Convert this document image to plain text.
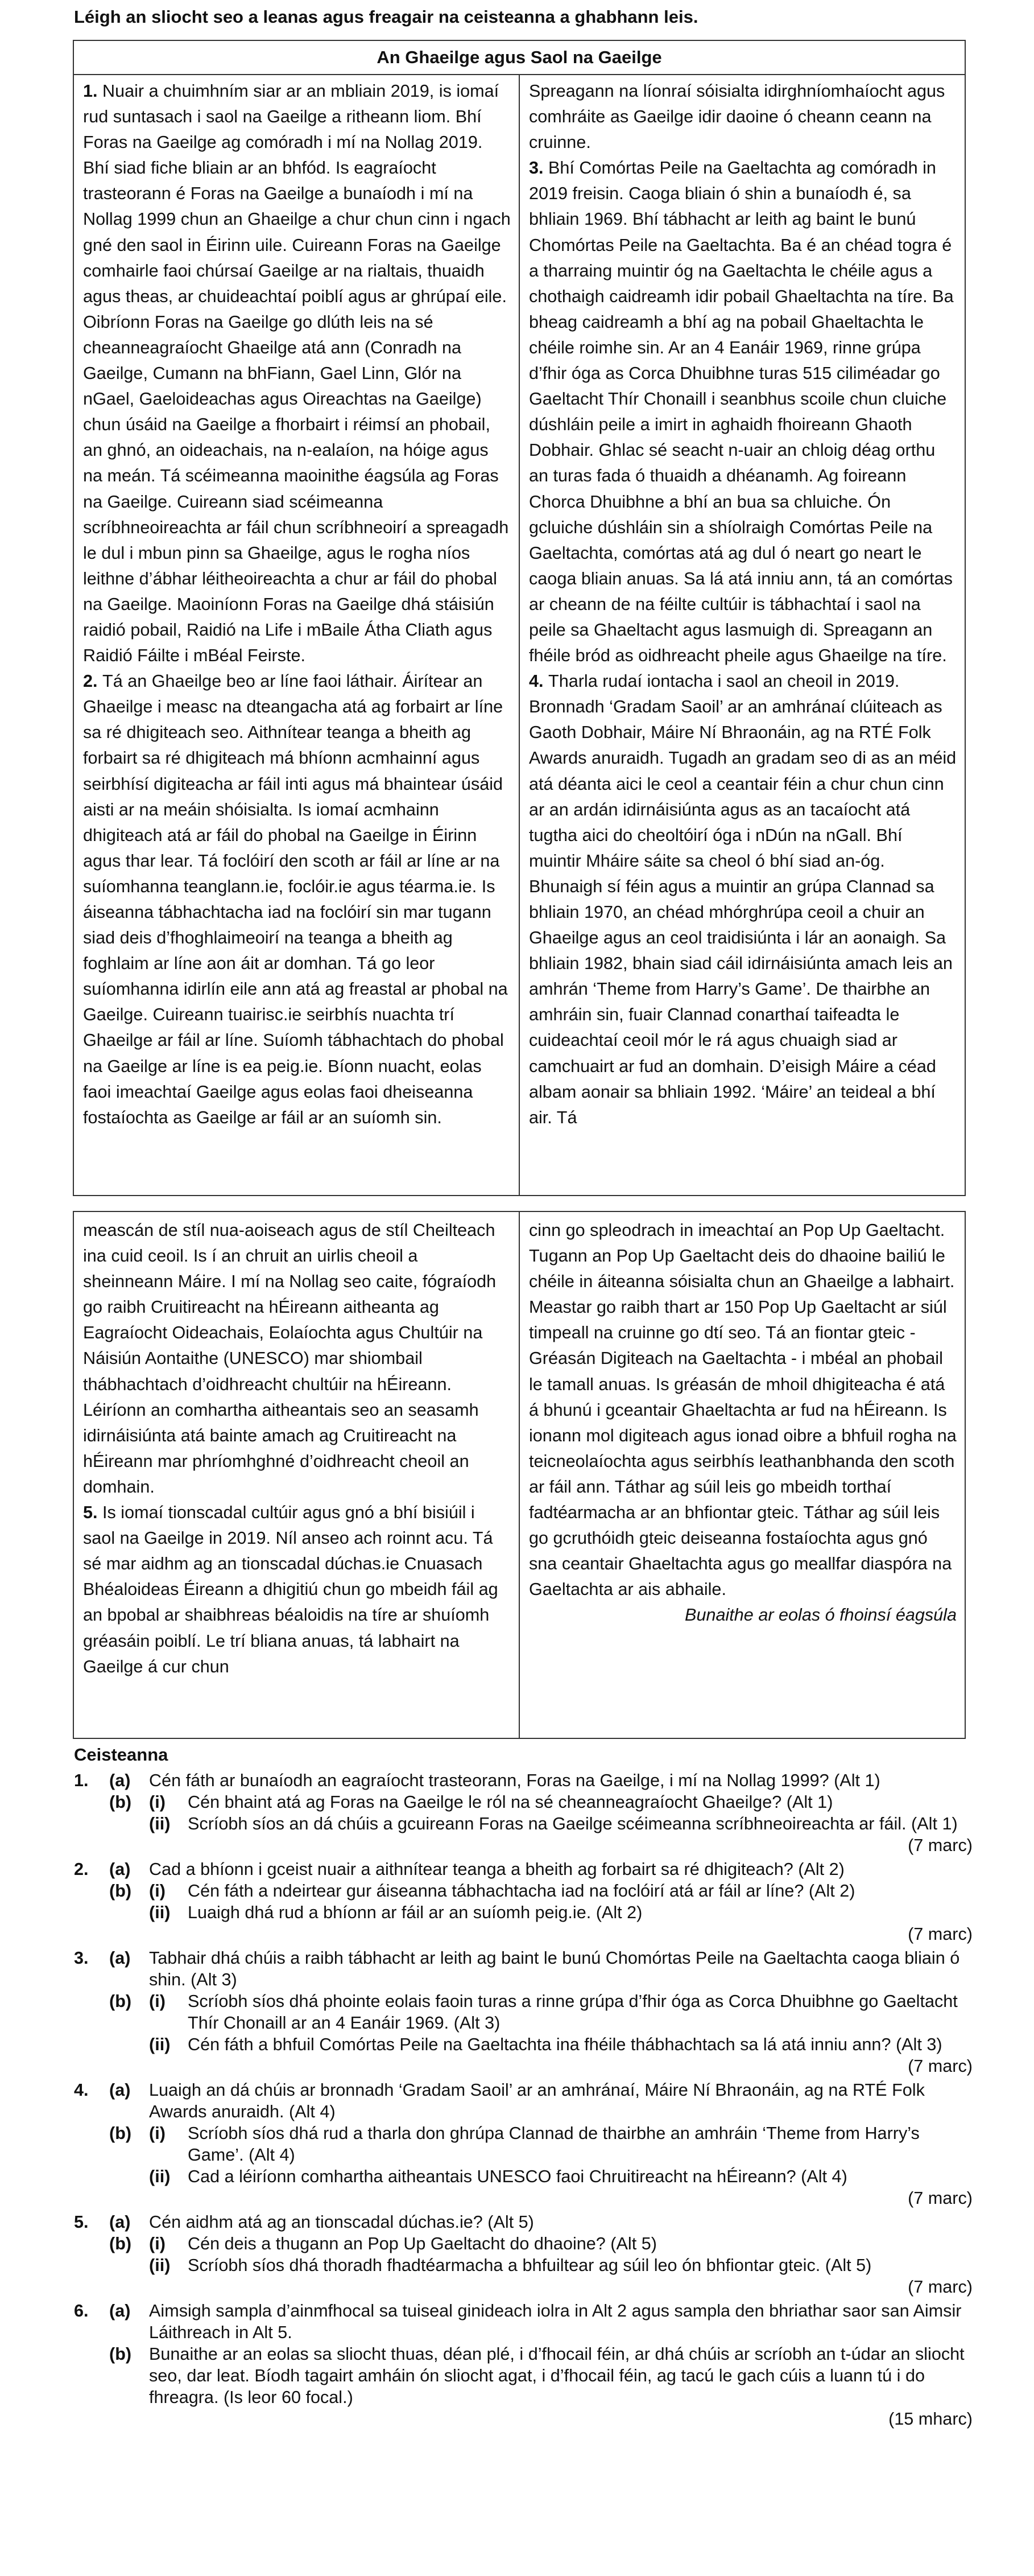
Léigh an sliocht seo a leanas agus freagair na ceisteanna a ghabhann leis.
An Ghaeilge agus Saol na Gaeilge
1. Nuair a chuimhním siar ar an mbliain 2019, is iomaí rud suntasach i saol na Gaeilge a ritheann liom. Bhí Foras na Gaeilge ag comóradh i mí na Nollag 2019. Bhí siad fiche bliain ar an bhfód. Is eagraíocht trasteorann é Foras na Gaeilge a bunaíodh i mí na Nollag 1999 chun an Ghaeilge a chur chun cinn i ngach gné den saol in Éirinn uile. Cuireann Foras na Gaeilge comhairle faoi chúrsaí Gaeilge ar na rialtais, thuaidh agus theas, ar chuideachtaí poiblí agus ar ghrúpaí eile. Oibríonn Foras na Gaeilge go dlúth leis na sé cheanneagraíocht Ghaeilge atá ann (Conradh na Gaeilge, Cumann na bhFiann, Gael Linn, Glór na nGael, Gaeloideachas agus Oireachtas na Gaeilge) chun úsáid na Gaeilge a fhorbairt i réimsí an phobail, an ghnó, an oideachais, na n-ealaíon, na hóige agus na meán. Tá scéimeanna maoinithe éagsúla ag Foras na Gaeilge. Cuireann siad scéimeanna scríbhneoireachta ar fáil chun scríbhneoirí a spreagadh le dul i mbun pinn sa Ghaeilge, agus le rogha níos leithne d’ábhar léitheoireachta a chur ar fáil do phobal na Gaeilge. Maoiníonn Foras na Gaeilge dhá stáisiún raidió pobail, Raidió na Life i mBaile Átha Cliath agus Raidió Fáilte i mBéal Feirste.
2. Tá an Ghaeilge beo ar líne faoi láthair. Áirítear an Ghaeilge i measc na dteangacha atá ag forbairt ar líne sa ré dhigiteach seo. Aithnítear teanga a bheith ag forbairt sa ré dhigiteach má bhíonn acmhainní agus seirbhísí digiteacha ar fáil inti agus má bhaintear úsáid aisti ar na meáin shóisialta. Is iomaí acmhainn dhigiteach atá ar fáil do phobal na Gaeilge in Éirinn agus thar lear. Tá foclóirí den scoth ar fáil ar líne ar na suíomhanna teanglann.ie, foclóir.ie agus téarma.ie. Is áiseanna tábhachtacha iad na foclóirí sin mar tugann siad deis d’fhoghlaimeoirí na teanga a bheith ag foghlaim ar líne aon áit ar domhan. Tá go leor suíomhanna idirlín eile ann atá ag freastal ar phobal na Gaeilge. Cuireann tuairisc.ie seirbhís nuachta trí Ghaeilge ar fáil ar líne. Suíomh tábhachtach do phobal na Gaeilge ar líne is ea peig.ie. Bíonn nuacht, eolas faoi imeachtaí Gaeilge agus eolas faoi dheiseanna fostaíochta as Gaeilge ar fáil ar an suíomh sin.
Spreagann na líonraí sóisialta idirghníomhaíocht agus comhráite as Gaeilge idir daoine ó cheann ceann na cruinne.
3. Bhí Comórtas Peile na Gaeltachta ag comóradh in 2019 freisin. Caoga bliain ó shin a bunaíodh é, sa bhliain 1969. Bhí tábhacht ar leith ag baint le bunú Chomórtas Peile na Gaeltachta. Ba é an chéad togra é a tharraing muintir óg na Gaeltachta le chéile agus a chothaigh caidreamh idir pobail Ghaeltachta na tíre. Ba bheag caidreamh a bhí ag na pobail Ghaeltachta le chéile roimhe sin. Ar an 4 Eanáir 1969, rinne grúpa d’fhir óga as Corca Dhuibhne turas 515 ciliméadar go Gaeltacht Thír Chonaill i seanbhus scoile chun cluiche dúshláin peile a imirt in aghaidh fhoireann Ghaoth Dobhair. Ghlac sé seacht n-uair an chloig déag orthu an turas fada ó thuaidh a dhéanamh. Ag foireann Chorca Dhuibhne a bhí an bua sa chluiche. Ón gcluiche dúshláin sin a shíolraigh Comórtas Peile na Gaeltachta, comórtas atá ag dul ó neart go neart le caoga bliain anuas. Sa lá atá inniu ann, tá an comórtas ar cheann de na féilte cultúir is tábhachtaí i saol na peile sa Ghaeltacht agus lasmuigh di. Spreagann an fhéile bród as oidhreacht pheile agus Ghaeilge na tíre.
4. Tharla rudaí iontacha i saol an cheoil in 2019. Bronnadh ‘Gradam Saoil’ ar an amhránaí clúiteach as Gaoth Dobhair, Máire Ní Bhraonáin, ag na RTÉ Folk Awards anuraidh. Tugadh an gradam seo di as an méid atá déanta aici le ceol a ceantair féin a chur chun cinn ar an ardán idirnáisiúnta agus as an tacaíocht atá tugtha aici do cheoltóirí óga i nDún na nGall. Bhí muintir Mháire sáite sa cheol ó bhí siad an-óg. Bhunaigh sí féin agus a muintir an grúpa Clannad sa bhliain 1970, an chéad mhórghrúpa ceoil a chuir an Ghaeilge agus an ceol traidisiúnta i lár an aonaigh. Sa bhliain 1982, bhain siad cáil idirnáisiúnta amach leis an amhrán ‘Theme from Harry’s Game’. De thairbhe an amhráin sin, fuair Clannad conarthaí taifeadta le cuideachtaí ceoil mór le rá agus chuaigh siad ar camchuairt ar fud an domhain. D’eisigh Máire a céad albam aonair sa bhliain 1992. ‘Máire’ an teideal a bhí air. Tá
meascán de stíl nua-aoiseach agus de stíl Cheilteach ina cuid ceoil. Is í an chruit an uirlis cheoil a sheinneann Máire. I mí na Nollag seo caite, fógraíodh go raibh Cruitireacht na hÉireann aitheanta ag Eagraíocht Oideachais, Eolaíochta agus Chultúir na Náisiún Aontaithe (UNESCO) mar shiombail thábhachtach d’oidhreacht chultúir na hÉireann. Léiríonn an comhartha aitheantais seo an seasamh idirnáisiúnta atá bainte amach ag Cruitireacht na hÉireann mar phríomhghné d’oidhreacht cheoil an domhain.
5. Is iomaí tionscadal cultúir agus gnó a bhí bisiúil i saol na Gaeilge in 2019. Níl anseo ach roinnt acu. Tá sé mar aidhm ag an tionscadal dúchas.ie Cnuasach Bhéaloideas Éireann a dhigitiú chun go mbeidh fáil ag an bpobal ar shaibhreas béaloidis na tíre ar shuíomh gréasáin poiblí. Le trí bliana anuas, tá labhairt na Gaeilge á cur chun
cinn go spleodrach in imeachtaí an Pop Up Gaeltacht. Tugann an Pop Up Gaeltacht deis do dhaoine bailiú le chéile in áiteanna sóisialta chun an Ghaeilge a labhairt. Meastar go raibh thart ar 150 Pop Up Gaeltacht ar siúl timpeall na cruinne go dtí seo. Tá an fiontar gteic - Gréasán Digiteach na Gaeltachta - i mbéal an phobail le tamall anuas. Is gréasán de mhoil dhigiteacha é atá á bhunú i gceantair Ghaeltachta ar fud na hÉireann. Is ionann mol digiteach agus ionad oibre a bhfuil rogha na teicneolaíochta agus seirbhís leathanbhanda den scoth ar fáil ann. Táthar ag súil leis go mbeidh torthaí fadtéarmacha ar an bhfiontar gteic. Táthar ag súil leis go gcruthóidh gteic deiseanna fostaíochta agus gnó sna ceantair Ghaeltachta agus go meallfar diaspóra na Gaeltachta ar ais abhaile.
Bunaithe ar eolas ó fhoinsí éagsúla
Ceisteanna
1. (a) Cén fáth ar bunaíodh an eagraíocht trasteorann, Foras na Gaeilge, i mí na Nollag 1999? (Alt 1)
(b) (i) Cén bhaint atá ag Foras na Gaeilge le ról na sé cheanneagraíocht Ghaeilge? (Alt 1)
(ii) Scríobh síos an dá chúis a gcuireann Foras na Gaeilge scéimeanna scríbhneoireachta ar fáil. (Alt 1)
(7 marc)
2. (a) Cad a bhíonn i gceist nuair a aithnítear teanga a bheith ag forbairt sa ré dhigiteach? (Alt 2)
(b) (i) Cén fáth a ndeirtear gur áiseanna tábhachtacha iad na foclóirí atá ar fáil ar líne? (Alt 2)
(ii) Luaigh dhá rud a bhíonn ar fáil ar an suíomh peig.ie. (Alt 2)
(7 marc)
3. (a) Tabhair dhá chúis a raibh tábhacht ar leith ag baint le bunú Chomórtas Peile na Gaeltachta caoga bliain ó shin. (Alt 3)
(b) (i) Scríobh síos dhá phointe eolais faoin turas a rinne grúpa d’fhir óga as Corca Dhuibhne go Gaeltacht Thír Chonaill ar an 4 Eanáir 1969. (Alt 3)
(ii) Cén fáth a bhfuil Comórtas Peile na Gaeltachta ina fhéile thábhachtach sa lá atá inniu ann? (Alt 3)
(7 marc)
4. (a) Luaigh an dá chúis ar bronnadh ‘Gradam Saoil’ ar an amhránaí, Máire Ní Bhraonáin, ag na RTÉ Folk Awards anuraidh. (Alt 4)
(b) (i) Scríobh síos dhá rud a tharla don ghrúpa Clannad de thairbhe an amhráin ‘Theme from Harry’s Game’. (Alt 4)
(ii) Cad a léiríonn comhartha aitheantais UNESCO faoi Chruitireacht na hÉireann? (Alt 4)
(7 marc)
5. (a) Cén aidhm atá ag an tionscadal dúchas.ie? (Alt 5)
(b) (i) Cén deis a thugann an Pop Up Gaeltacht do dhaoine? (Alt 5)
(ii) Scríobh síos dhá thoradh fhadtéarmacha a bhfuiltear ag súil leo ón bhfiontar gteic. (Alt 5)
(7 marc)
6. (a) Aimsigh sampla d’ainmfhocal sa tuiseal ginideach iolra in Alt 2 agus sampla den bhriathar saor san Aimsir Láithreach in Alt 5.
(b) Bunaithe ar an eolas sa sliocht thuas, déan plé, i d’fhocail féin, ar dhá chúis ar scríobh an t-údar an sliocht seo, dar leat. Bíodh tagairt amháin ón sliocht agat, i d’fhocail féin, ag tacú le gach cúis a luann tú i do fhreagra. (Is leor 60 focal.)
(15 mharc)
